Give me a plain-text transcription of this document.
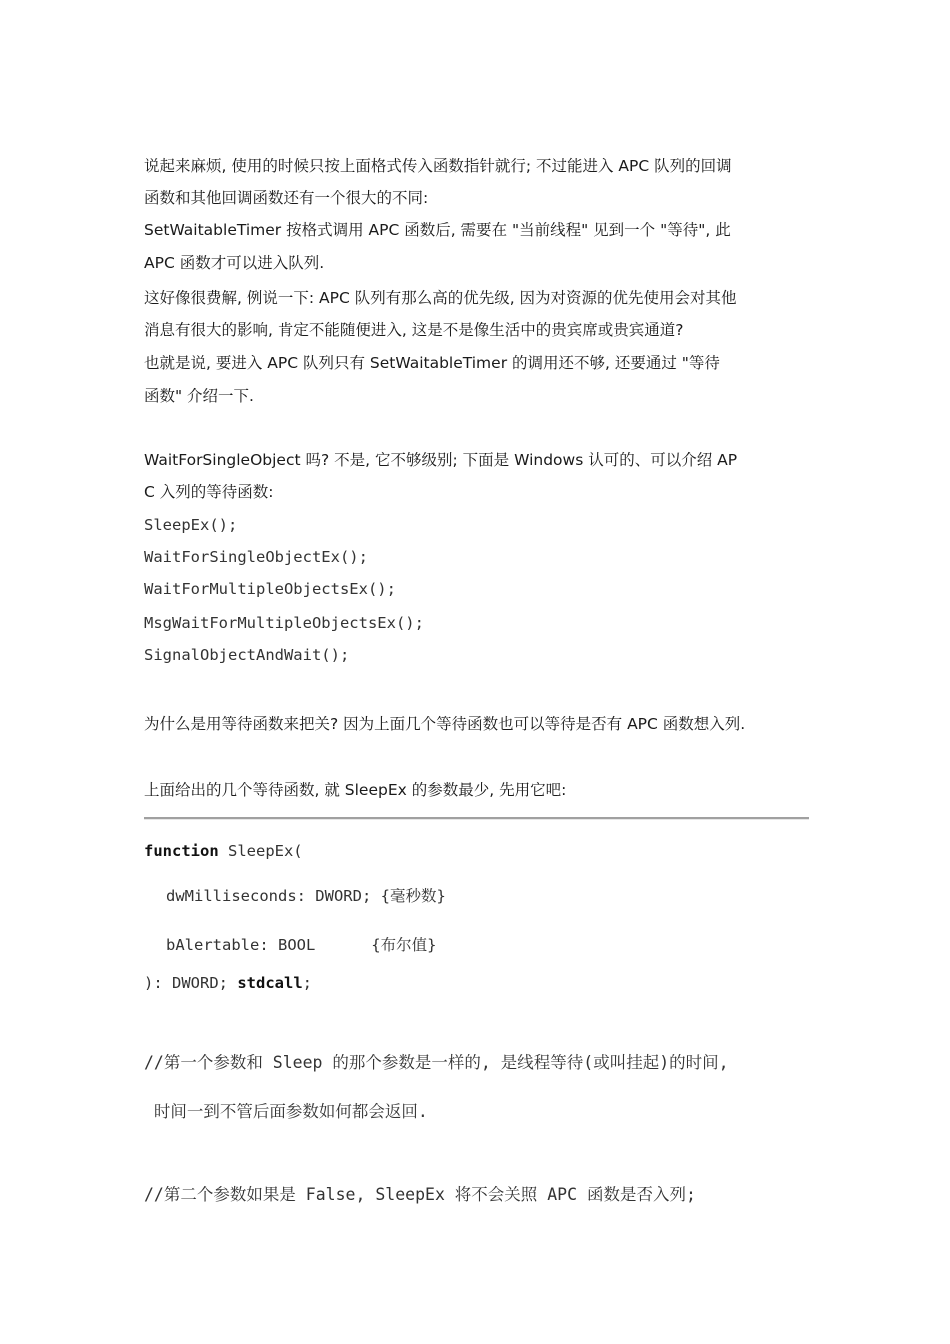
说起来麻烦, 使用的时候只按上面格式传入函数指针就行; 不过能进入 APC 队列的回调
函数和其他回调函数还有一个很大的不同:
SetWaitableTimer 按格式调用 APC 函数后, 需要在 "当前线程" 见到一个 "等待", 此
APC 函数才可以进入队列.
这好像很费解, 例说一下: APC 队列有那么高的优先级, 因为对资源的优先使用会对其他
消息有很大的影响, 肯定不能随便进入, 这是不是像生活中的贵宾席或贵宾通道?
也就是说, 要进入 APC 队列只有 SetWaitableTimer 的调用还不够, 还要通过 "等待
函数" 介绍一下.
WaitForSingleObject 吗? 不是, 它不够级别; 下面是 Windows 认可的、可以介绍 AP
C 入列的等待函数:
SleepEx();
WaitForSingleObjectEx();
WaitForMultipleObjectsEx();
MsgWaitForMultipleObjectsEx();
SignalObjectAndWait();
为什么是用等待函数来把关? 因为上面几个等待函数也可以等待是否有 APC 函数想入列.
上面给出的几个等待函数, 就 SleepEx 的参数最少, 先用它吧:
function SleepEx(
dwMilliseconds: DWORD; {毫秒数}
bAlertable: BOOL      {布尔值}
): DWORD; stdcall;
//第一个参数和 Sleep 的那个参数是一样的, 是线程等待(或叫挂起)的时间,
时间一到不管后面参数如何都会返回.
//第二个参数如果是 False, SleepEx 将不会关照 APC 函数是否入列;
